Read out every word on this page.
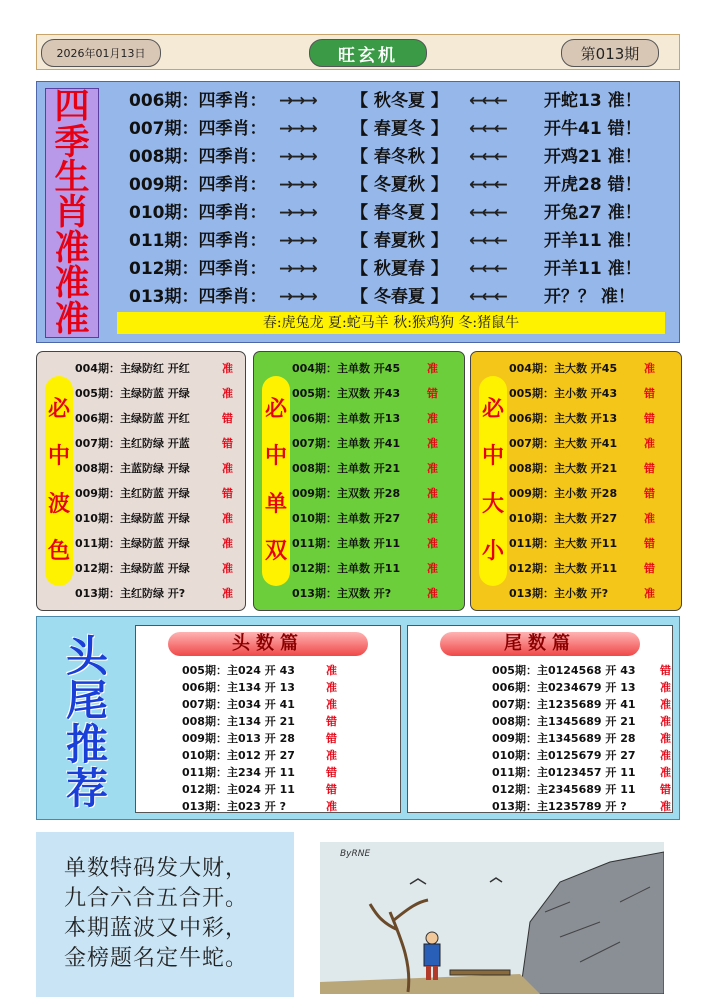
2026年01月13日	旺玄机	第013期
四
季
生
肖
准
准
准
006期：四季肖： →→→ 【 秋冬夏 】 ←←← 开蛇13 准！
007期：四季肖： →→→ 【 春夏冬 】 ←←← 开牛41 错！
008期：四季肖： →→→ 【 春冬秋 】 ←←← 开鸡21 准！
009期：四季肖： →→→ 【 冬夏秋 】 ←←← 开虎28 错！
010期：四季肖： →→→ 【 春冬夏 】 ←←← 开兔27 准！
011期：四季肖： →→→ 【 春夏秋 】 ←←← 开羊11 准！
012期：四季肖： →→→ 【 秋夏春 】 ←←← 开羊11 准！
013期：四季肖： →→→ 【 冬春夏 】 ←←← 开？？ 准！
春:虎兔龙 夏:蛇马羊 秋:猴鸡狗 冬:猪鼠牛
必
中
波
色
004期：主绿防红 开红	准
005期：主绿防蓝 开绿	准
006期：主绿防蓝 开红	错
007期：主红防绿 开蓝	错
008期：主蓝防绿 开绿	准
009期：主红防蓝 开绿	错
010期：主绿防蓝 开绿	准
011期：主绿防蓝 开绿	准
012期：主绿防蓝 开绿	准
013期：主红防绿 开?	准
必
中
单
双
004期：主单数 开45 准
005期：主双数 开43 错
006期：主单数 开13 准
007期：主单数 开41 准
008期：主单数 开21 准
009期：主双数 开28 准
010期：主单数 开27 准
011期：主单数 开11 准
012期：主单数 开11 准
013期：主双数 开?	准
必
中
大
小
004期：主大数 开45 准
005期：主小数 开43 错
006期：主大数 开13 错
007期：主大数 开41 准
008期：主大数 开21 错
009期：主小数 开28 错
010期：主大数 开27 准
011期：主大数 开11 错
012期：主大数 开11 错
013期：主小数 开?	准
头
尾
推
荐
头数篇
005期：主024 开 43	准
006期：主134 开 13	准
007期：主034 开 41	准
008期：主134 开 21	错
009期：主013 开 28	错
010期：主012 开 27	准
011期：主234 开 11	错
012期：主024 开 11	错
013期：主023 开 ?	准
尾数篇
005期：主0124568 开 43 错
006期：主0234679 开 13 准
007期：主1235689 开 41 准
008期：主1345689 开 21 准
009期：主1345689 开 28 准
010期：主0125679 开 27 准
011期：主0123457 开 11 准
012期：主2345689 开 11 错
013期：主1235789 开 ?	准
单数特码发大财，
九合六合五合开。
本期蓝波又中彩，
金榜题名定牛蛇。
ByRNE
